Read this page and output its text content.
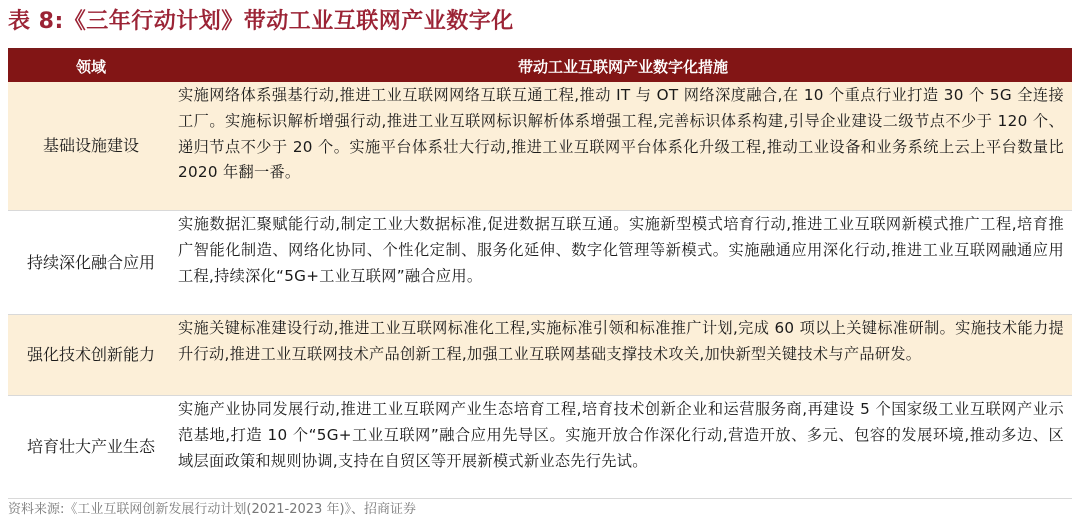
表 8:《三年行动计划》带动工业互联网产业数字化
领域	带动工业互联网产业数字化措施
基础设施建设
实施网络体系强基行动,推进工业互联网网络互联互通工程,推动 IT 与 OT 网络深度融合,在 10 个重点行业打造 30 个 5G 全连接工厂。实施标识解析增强行动,推进工业互联网标识解析体系增强工程,完善标识体系构建,引导企业建设二级节点不少于 120 个、递归节点不少于 20 个。实施平台体系壮大行动,推进工业互联网平台体系化升级工程,推动工业设备和业务系统上云上平台数量比 2020 年翻一番。
持续深化融合应用
实施数据汇聚赋能行动,制定工业大数据标准,促进数据互联互通。实施新型模式培育行动,推进工业互联网新模式推广工程,培育推广智能化制造、网络化协同、个性化定制、服务化延伸、数字化管理等新模式。实施融通应用深化行动,推进工业互联网融通应用工程,持续深化“5G+工业互联网”融合应用。
强化技术创新能力
实施关键标准建设行动,推进工业互联网标准化工程,实施标准引领和标准推广计划,完成 60 项以上关键标准研制。实施技术能力提升行动,推进工业互联网技术产品创新工程,加强工业互联网基础支撑技术攻关,加快新型关键技术与产品研发。
培育壮大产业生态
实施产业协同发展行动,推进工业互联网产业生态培育工程,培育技术创新企业和运营服务商,再建设 5 个国家级工业互联网产业示范基地,打造 10 个“5G+工业互联网”融合应用先导区。实施开放合作深化行动,营造开放、多元、包容的发展环境,推动多边、区域层面政策和规则协调,支持在自贸区等开展新模式新业态先行先试。
资料来源:《工业互联网创新发展行动计划(2021-2023 年)》、招商证券
